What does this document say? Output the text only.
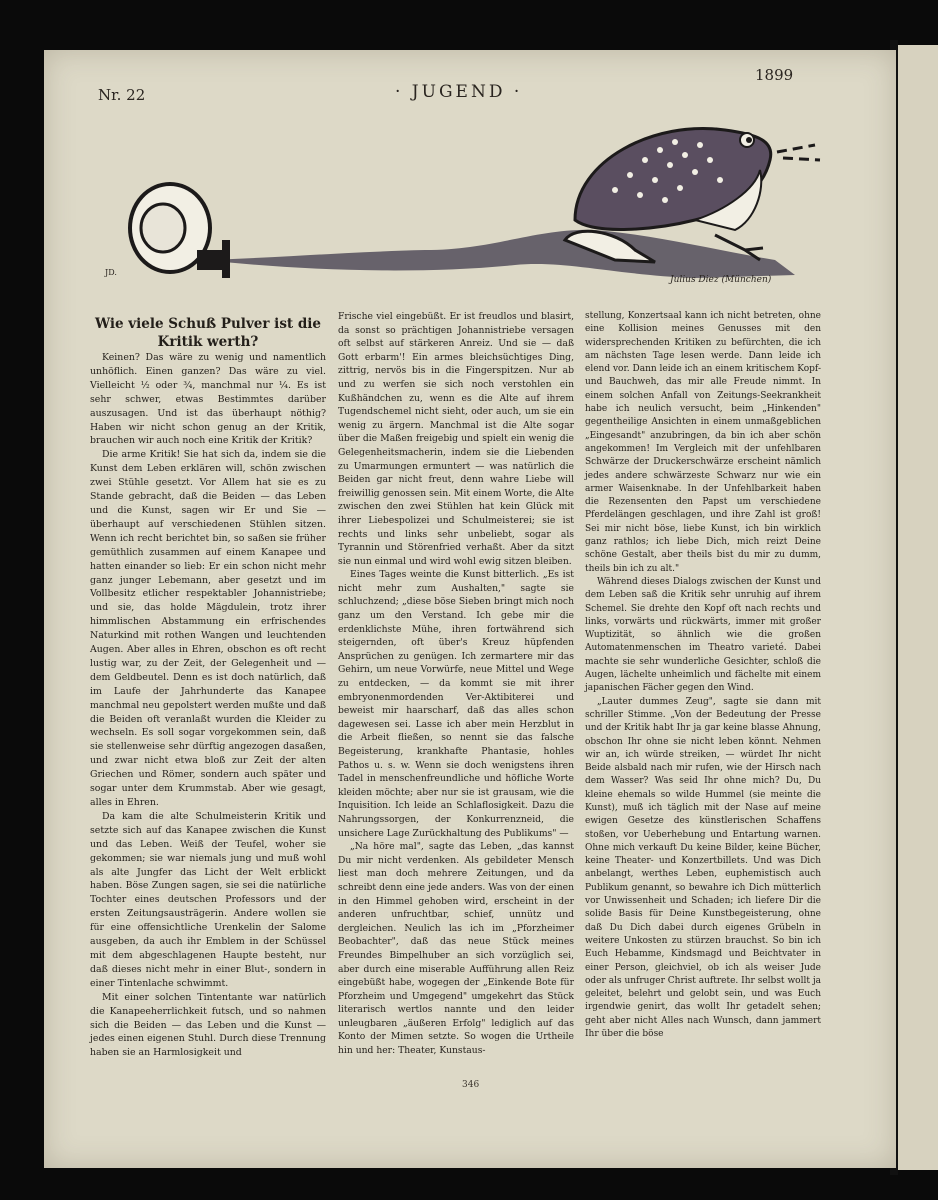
Nr. 22	· JUGEND ·
1899
JD.
Julius Diez (München)

Wie viele Schuß Pulver ist die Kritik werth?

Keinen? Das wäre zu wenig und namentlich unhöflich. Einen ganzen? Das wäre zu viel. Vielleicht ½ oder ¾, manchmal nur ¼. Es ist sehr schwer, etwas Bestimmtes darüber auszusagen. Und ist das überhaupt nöthig? Haben wir nicht schon genug an der Kritik, brauchen wir auch noch eine Kritik der Kritik?

Die arme Kritik! Sie hat sich da, indem sie die Kunst dem Leben erklären will, schön zwischen zwei Stühle gesetzt. Vor Allem hat sie es zu Stande gebracht, daß die Beiden — das Leben und die Kunst, sagen wir Er und Sie — überhaupt auf verschiedenen Stühlen sitzen. Wenn ich recht berichtet bin, so saßen sie früher gemüthlich zusammen auf einem Kanapee und hatten einander so lieb: Er ein schon nicht mehr ganz junger Lebemann, aber gesetzt und im Vollbesitz etlicher respektabler Johannistriebe; und sie, das holde Mägdulein, trotz ihrer himmlischen Abstammung ein erfrischendes Naturkind mit rothen Wangen und leuchtenden Augen. Aber alles in Ehren, obschon es oft recht lustig war, zu der Zeit, der Gelegenheit und — dem Geldbeutel. Denn es ist doch natürlich, daß im Laufe der Jahrhunderte das Kanapee manchmal neu gepolstert werden mußte und daß die Beiden oft veranlaßt wurden die Kleider zu wechseln. Es soll sogar vorgekommen sein, daß sie stellenweise sehr dürftig angezogen dasaßen, und zwar nicht etwa bloß zur Zeit der alten Griechen und Römer, sondern auch später und sogar unter dem Krummstab. Aber wie gesagt, alles in Ehren.

Da kam die alte Schulmeisterin Kritik und setzte sich auf das Kanapee zwischen die Kunst und das Leben. Weiß der Teufel, woher sie gekommen; sie war niemals jung und muß wohl als alte Jungfer das Licht der Welt erblickt haben. Böse Zungen sagen, sie sei die natürliche Tochter eines deutschen Professors und der ersten Zeitungsausträgerin. Andere wollen sie für eine offensichtliche Urenkelin der Salome ausgeben, da auch ihr Emblem in der Schüssel mit dem abgeschlagenen Haupte besteht, nur daß dieses nicht mehr in einer Blut-, sondern in einer Tintenlache schwimmt.

Mit einer solchen Tintentante war natürlich die Kanapeeherrlichkeit futsch, und so nahmen sich die Beiden — das Leben und die Kunst — jedes einen eigenen Stuhl. Durch diese Trennung haben sie an Harmlosigkeit und

Frische viel eingebüßt. Er ist freudlos und blasirt, da sonst so prächtigen Johannistriebe versagen oft selbst auf stärkeren Anreiz. Und sie — daß Gott erbarm'! Ein armes bleichsüchtiges Ding, zittrig, nervös bis in die Fingerspitzen. Nur ab und zu werfen sie sich noch verstohlen ein Kußhändchen zu, wenn es die Alte auf ihrem Tugendschemel nicht sieht, oder auch, um sie ein wenig zu ärgern. Manchmal ist die Alte sogar über die Maßen freigebig und spielt ein wenig die Gelegenheitsmacherin, indem sie die Liebenden zu Umarmungen ermuntert — was natürlich die Beiden gar nicht freut, denn wahre Liebe will freiwillig genossen sein. Mit einem Worte, die Alte zwischen den zwei Stühlen hat kein Glück mit ihrer Liebespolizei und Schulmeisterei; sie ist rechts und links sehr unbeliebt, sogar als Tyrannin und Störenfried verhaßt. Aber da sitzt sie nun einmal und wird wohl ewig sitzen bleiben.

Eines Tages weinte die Kunst bitterlich. „Es ist nicht mehr zum Aushalten," sagte sie schluchzend; „diese böse Sieben bringt mich noch ganz um den Verstand. Ich gebe mir die erdenklichste Mühe, ihren fortwährend sich steigernden, oft über's Kreuz hüpfenden Ansprüchen zu genügen. Ich zermartere mir das Gehirn, um neue Vorwürfe, neue Mittel und Wege zu entdecken, — da kommt sie mit ihrer embryonenmordenden Ver-Aktibiterei und beweist mir haarscharf, daß das alles schon dagewesen sei. Lasse ich aber mein Herzblut in die Arbeit fließen, so nennt sie das falsche Begeisterung, krankhafte Phantasie, hohles Pathos u. s. w. Wenn sie doch wenigstens ihren Tadel in menschenfreundliche und höfliche Worte kleiden möchte; aber nur sie ist grausam, wie die Inquisition. Ich leide an Schlaflosigkeit. Dazu die Nahrungssorgen, der Konkurrenzneid, die unsichere Lage Zurückhaltung des Publikums" —

„Na höre mal", sagte das Leben, „das kannst Du mir nicht verdenken. Als gebildeter Mensch liest man doch mehrere Zeitungen, und da schreibt denn eine jede anders. Was von der einen in den Himmel gehoben wird, erscheint in der anderen unfruchtbar, schief, unnütz und dergleichen. Neulich las ich im „Pforzheimer Beobachter", daß das neue Stück meines Freundes Bimpelhuber an sich vorzüglich sei, aber durch eine miserable Aufführung allen Reiz eingebüßt habe, wogegen der „Einkende Bote für Pforzheim und Umgegend" umgekehrt das Stück literarisch wertlos nannte und den leider unleugbaren „äußeren Erfolg" lediglich auf das Konto der Mimen setzte. So wogen die Urtheile hin und her: Theater, Kunstaus-

stellung, Konzertsaal kann ich nicht betreten, ohne eine Kollision meines Genusses mit den widersprechenden Kritiken zu befürchten, die ich am nächsten Tage lesen werde. Dann leide ich elend vor. Dann leide ich an einem kritischem Kopf- und Bauchweh, das mir alle Freude nimmt. In einem solchen Anfall von Zeitungs-Seekrankheit habe ich neulich versucht, beim „Hinkenden" gegentheilige Ansichten in einem unmaßgeblichen „Eingesandt" anzubringen, da bin ich aber schön angekommen! Im Vergleich mit der unfehlbaren Schwärze der Druckerschwärze erscheint nämlich jedes andere schwärzeste Schwarz nur wie ein armer Waisenknabe. In der Unfehlbarkeit haben die Rezensenten den Papst um verschiedene Pferdelängen geschlagen, und ihre Zahl ist groß! Sei mir nicht böse, liebe Kunst, ich bin wirklich ganz rathlos; ich liebe Dich, mich reizt Deine schöne Gestalt, aber theils bist du mir zu dumm, theils bin ich zu alt."

Während dieses Dialogs zwischen der Kunst und dem Leben saß die Kritik sehr unruhig auf ihrem Schemel. Sie drehte den Kopf oft nach rechts und links, vorwärts und rückwärts, immer mit großer Wuptizität, so ähnlich wie die großen Automatenmenschen im Theatro varieté. Dabei machte sie sehr wunderliche Gesichter, schloß die Augen, lächelte unheimlich und fächelte mit einem japanischen Fächer gegen den Wind.

„Lauter dummes Zeug", sagte sie dann mit schriller Stimme. „Von der Bedeutung der Presse und der Kritik habt Ihr ja gar keine blasse Ahnung, obschon Ihr ohne sie nicht leben könnt. Nehmen wir an, ich würde streiken, — würdet Ihr nicht Beide alsbald nach mir rufen, wie der Hirsch nach dem Wasser? Was seid Ihr ohne mich? Du, Du kleine ehemals so wilde Hummel (sie meinte die Kunst), muß ich täglich mit der Nase auf meine ewigen Gesetze des künstlerischen Schaffens stoßen, vor Ueberhebung und Entartung warnen. Ohne mich verkauft Du keine Bilder, keine Bücher, keine Theater- und Konzertbillets. Und was Dich anbelangt, werthes Leben, euphemistisch auch Publikum genannt, so bewahre ich Dich mütterlich vor Unwissenheit und Schaden; ich liefere Dir die solide Basis für Deine Kunstbegeisterung, ohne daß Du Dich dabei durch eigenes Grübeln in weitere Unkosten zu stürzen brauchst. So bin ich Euch Hebamme, Kindsmagd und Beichtvater in einer Person, gleichviel, ob ich als weiser Jude oder als unfruger Christ auftrete. Ihr selbst wollt ja geleitet, belehrt und gelobt sein, und was Euch irgendwie genirt, das wollt Ihr getadelt sehen; geht aber nicht Alles nach Wunsch, dann jammert Ihr über die böse

346
